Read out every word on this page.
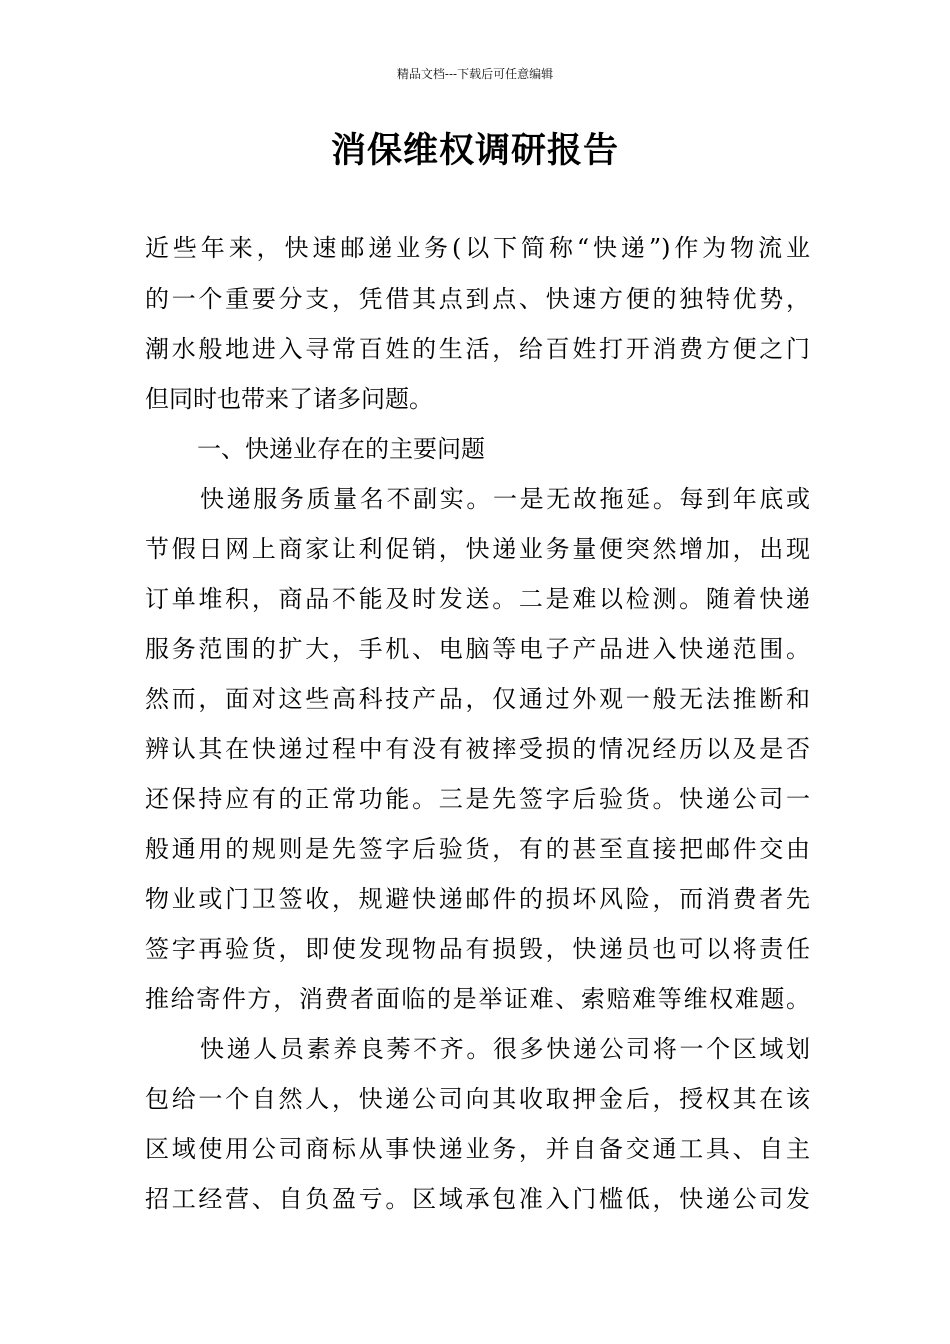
精品文档---下载后可任意编辑
消保维权调研报告
近些年来，快速邮递业务(以下简称“快递”)作为物流业
的一个重要分支，凭借其点到点、快速方便的独特优势，
潮水般地进入寻常百姓的生活，给百姓打开消费方便之门
但同时也带来了诸多问题。
一、快递业存在的主要问题
快递服务质量名不副实。一是无故拖延。每到年底或
节假日网上商家让利促销，快递业务量便突然增加，出现
订单堆积，商品不能及时发送。二是难以检测。随着快递
服务范围的扩大，手机、电脑等电子产品进入快递范围。
然而，面对这些高科技产品，仅通过外观一般无法推断和
辨认其在快递过程中有没有被摔受损的情况经历以及是否
还保持应有的正常功能。三是先签字后验货。快递公司一
般通用的规则是先签字后验货，有的甚至直接把邮件交由
物业或门卫签收，规避快递邮件的损坏风险，而消费者先
签字再验货，即使发现物品有损毁，快递员也可以将责任
推给寄件方，消费者面临的是举证难、索赔难等维权难题。
快递人员素养良莠不齐。很多快递公司将一个区域划
包给一个自然人，快递公司向其收取押金后，授权其在该
区域使用公司商标从事快递业务，并自备交通工具、自主
招工经营、自负盈亏。区域承包准入门槛低，快递公司发
